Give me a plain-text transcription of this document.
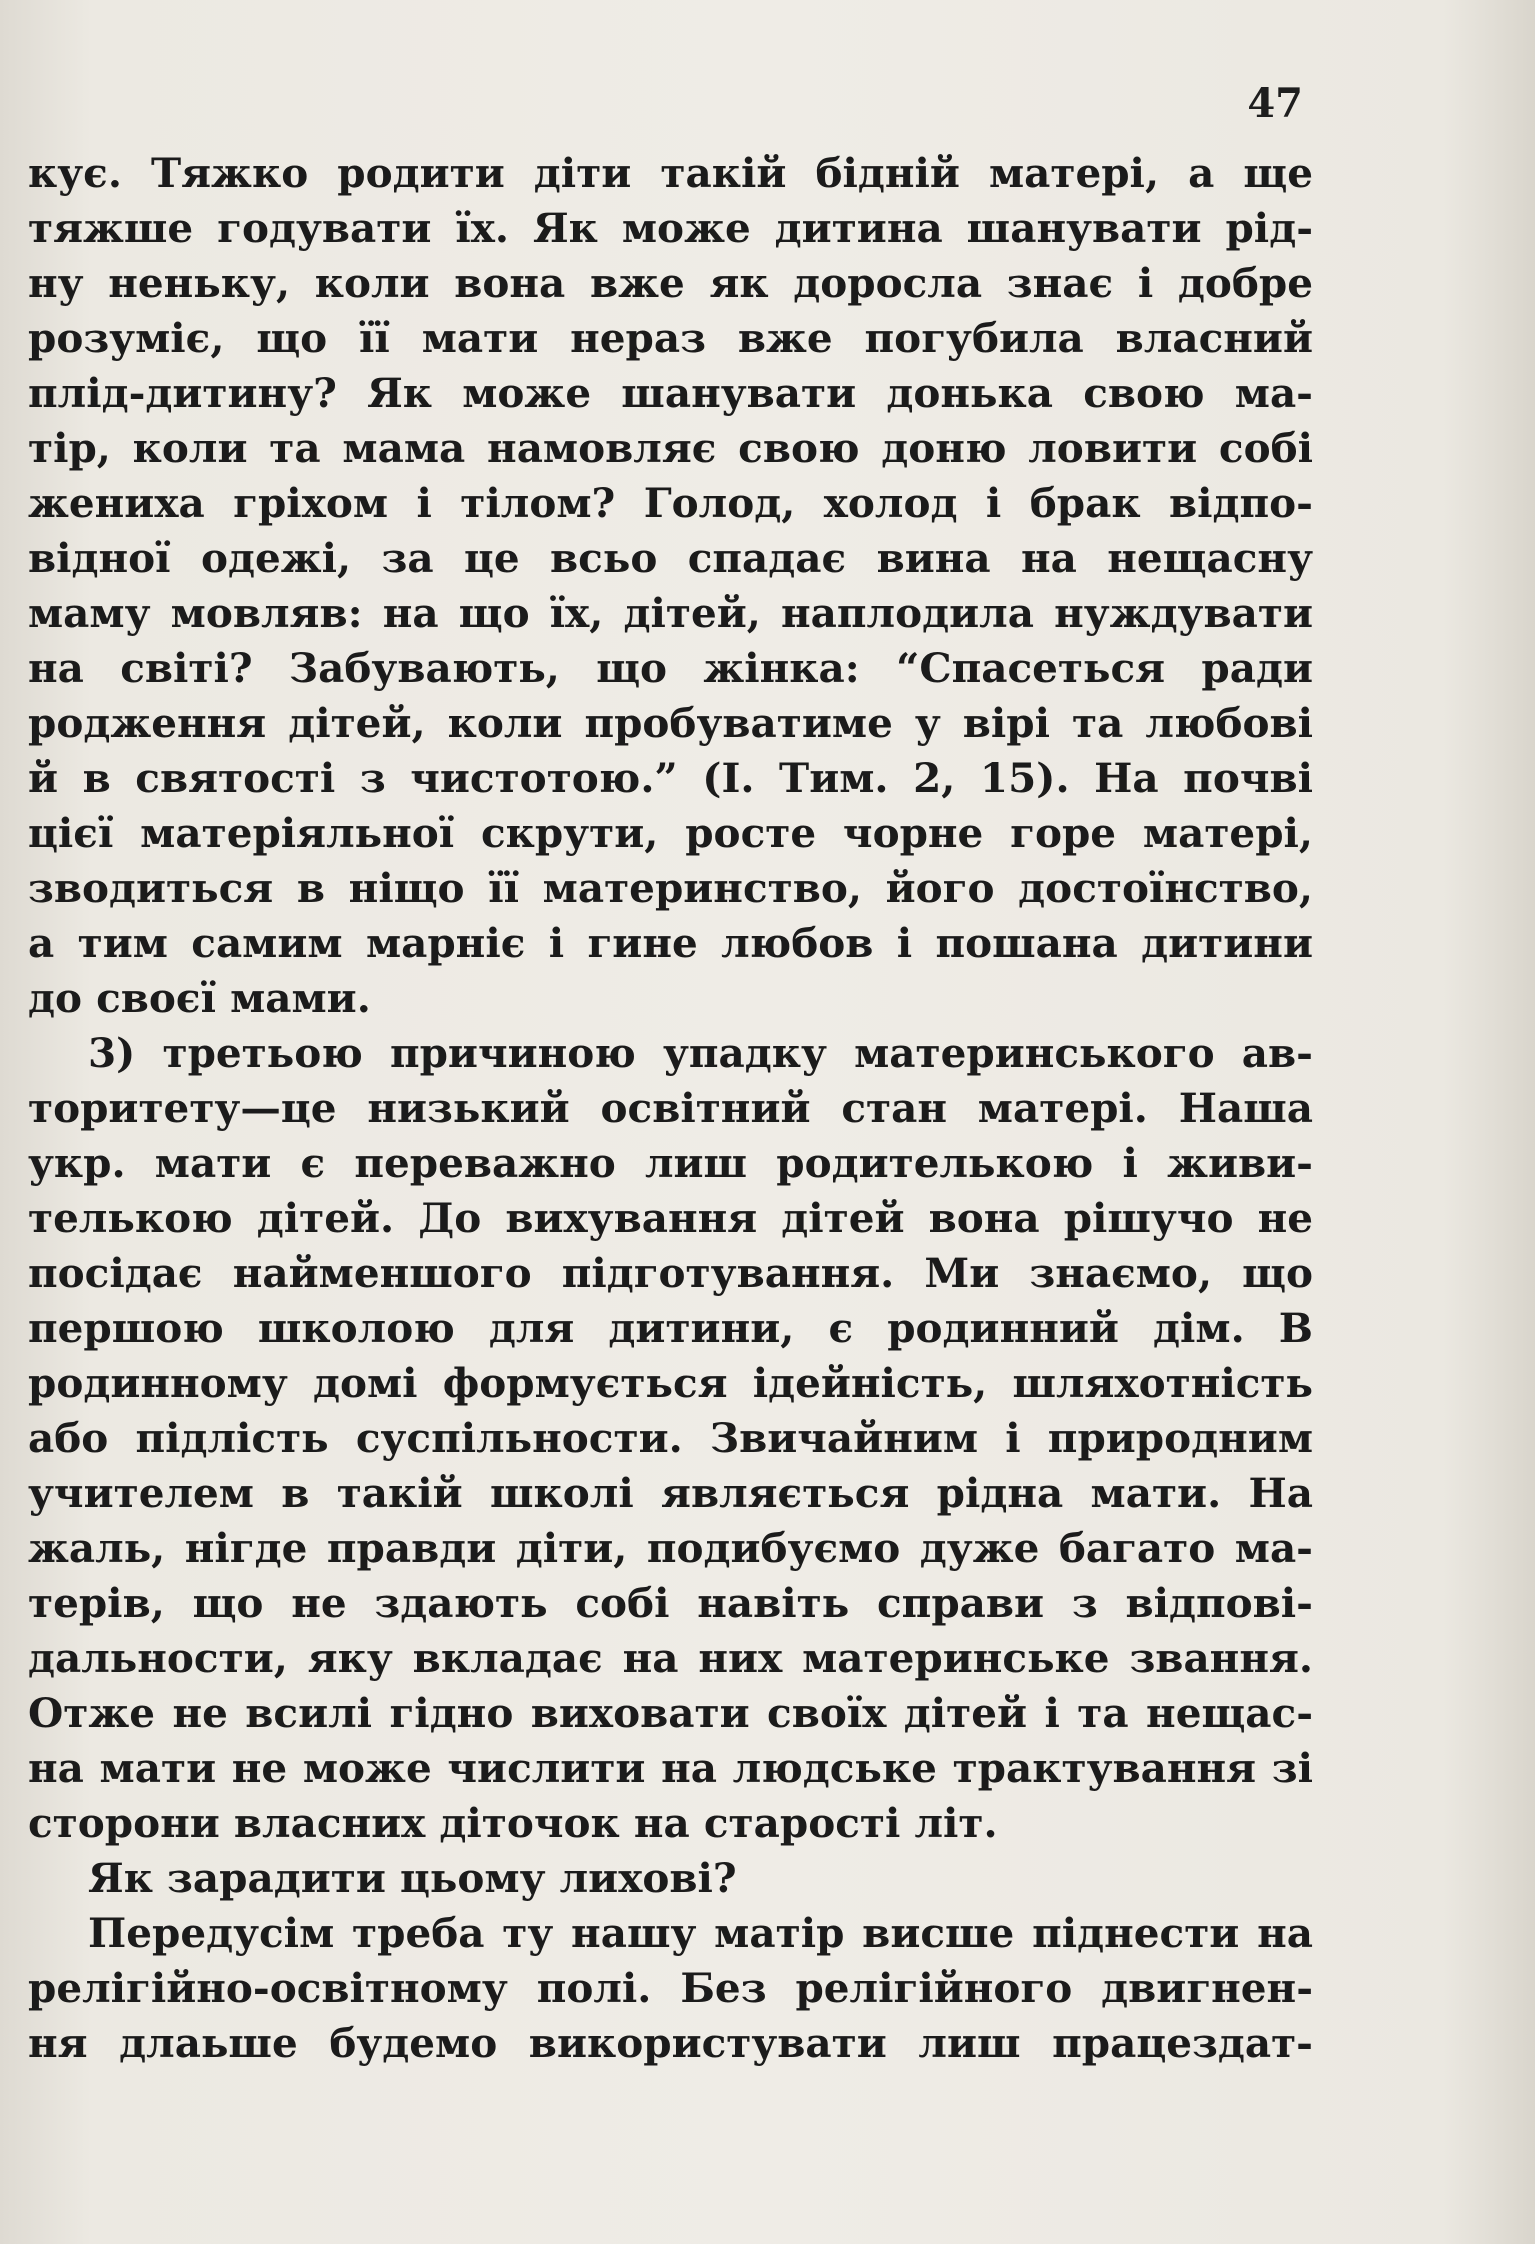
47
кує. Тяжко родити діти такій бідній матері, а ще
тяжше годувати їх. Як може дитина шанувати рід-
ну неньку, коли вона вже як доросла знає і добре
розуміє, що її мати нераз вже погубила власний
плід-дитину? Як може шанувати донька свою ма-
тір, коли та мама намовляє свою доню ловити собі
жениха гріхом і тілом? Голод, холод і брак відпо-
відної одежі, за це всьо спадає вина на нещасну
маму мовляв: на що їх, дітей, наплодила нуждувати
на світі? Забувають, що жінка: “Спасеться ради
родження дітей, коли пробуватиме у вірі та любові
й в святості з чистотою.” (І. Тим. 2, 15). На почві
цієї матеріяльної скрути, росте чорне горе матері,
зводиться в ніщо її материнство, його достоїнство,
а тим самим марніє і гине любов і пошана дитини
до своєї мами.
3) третьою причиною упадку материнського ав-
торитету—це низький освітний стан матері. Наша
укр. мати є переважно лиш родителькою і живи-
телькою дітей. До вихування дітей вона рішучо не
посідає найменшого підготування. Ми знаємо, що
першою школою для дитини, є родинний дім. В
родинному домі формується ідейність, шляхотність
або підлість суспільности. Звичайним і природним
учителем в такій школі являється рідна мати. На
жаль, нігде правди діти, подибуємо дуже багато ма-
терів, що не здають собі навіть справи з відпові-
дальности, яку вкладає на них материнське звання.
Отже не всилі гідно виховати своїх дітей і та нещас-
на мати не може числити на людське трактування зі
сторони власних діточок на старості літ.
Як зарадити цьому лихові?
Передусім треба ту нашу матір висше піднести на
релігійно-освітному полі. Без релігійного двигнен-
ня длаьше будемо використувати лиш працездат-
